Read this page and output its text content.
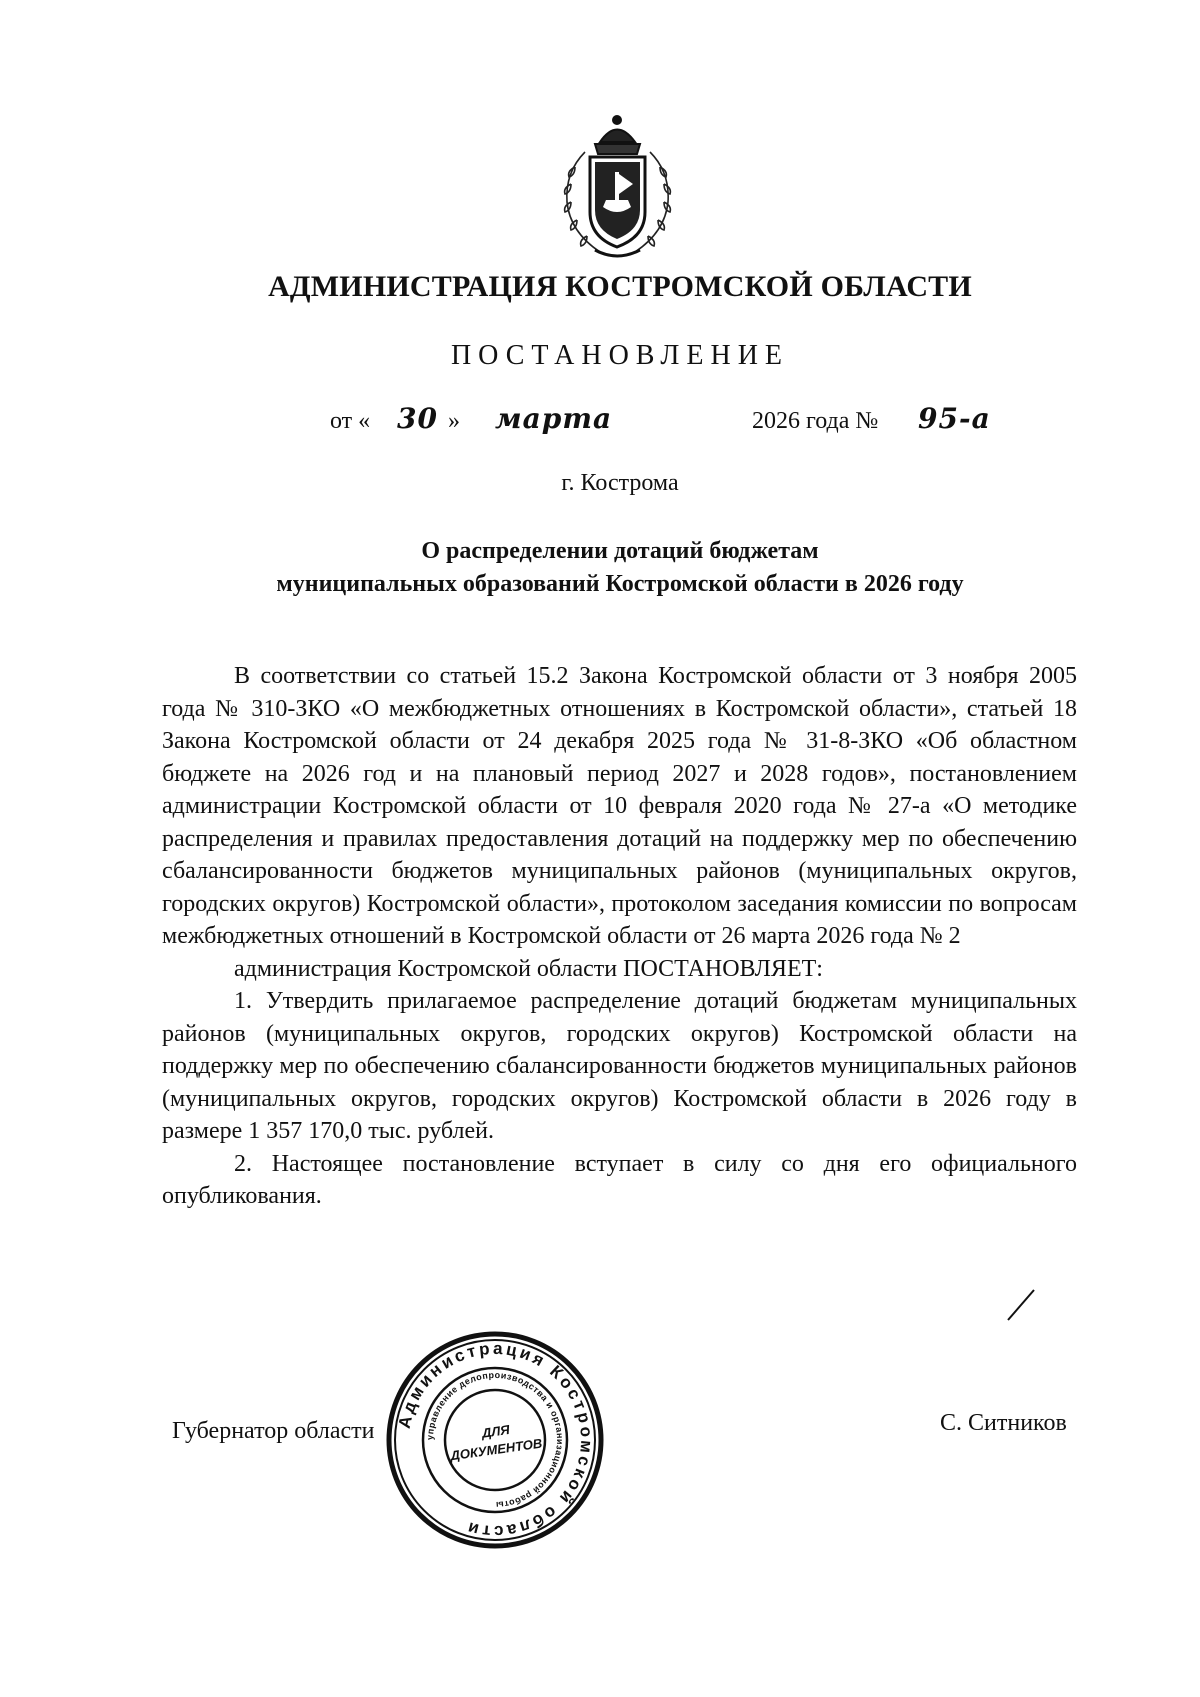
АДМИНИСТРАЦИЯ КОСТРОМСКОЙ ОБЛАСТИ
ПОСТАНОВЛЕНИЕ
от « 30 » марта	2026 года № 95-а
г. Кострома
О распределении дотаций бюджетам
муниципальных образований Костромской области в 2026 году

В соответствии со статьей 15.2 Закона Костромской области от 3 ноября 2005 года № 310-ЗКО «О межбюджетных отношениях в Костромской области», статьей 18 Закона Костромской области от 24 декабря 2025 года № 31-8-ЗКО «Об областном бюджете на 2026 год и на плановый период 2027 и 2028 годов», постановлением администрации Костромской области от 10 февраля 2020 года № 27-а «О методике распределения и правилах предоставления дотаций на поддержку мер по обеспечению сбалансированности бюджетов муниципальных районов (муниципальных округов, городских округов) Костромской области», протоколом заседания комиссии по вопросам межбюджетных отношений в Костромской области от 26 марта 2026 года № 2

администрация Костромской области ПОСТАНОВЛЯЕТ:

1. Утвердить прилагаемое распределение дотаций бюджетам муниципальных районов (муниципальных округов, городских округов) Костромской области на поддержку мер по обеспечению сбалансированности бюджетов муниципальных районов (муниципальных округов, городских округов) Костромской области в 2026 году в размере 1 357 170,0 тыс. рублей.

2. Настоящее постановление вступает в силу со дня его официального опубликования.

Губернатор области	С. Ситников
Администрация Костромской области
управление делопроизводства и организационной работы
ДЛЯ
ДОКУМЕНТОВ
